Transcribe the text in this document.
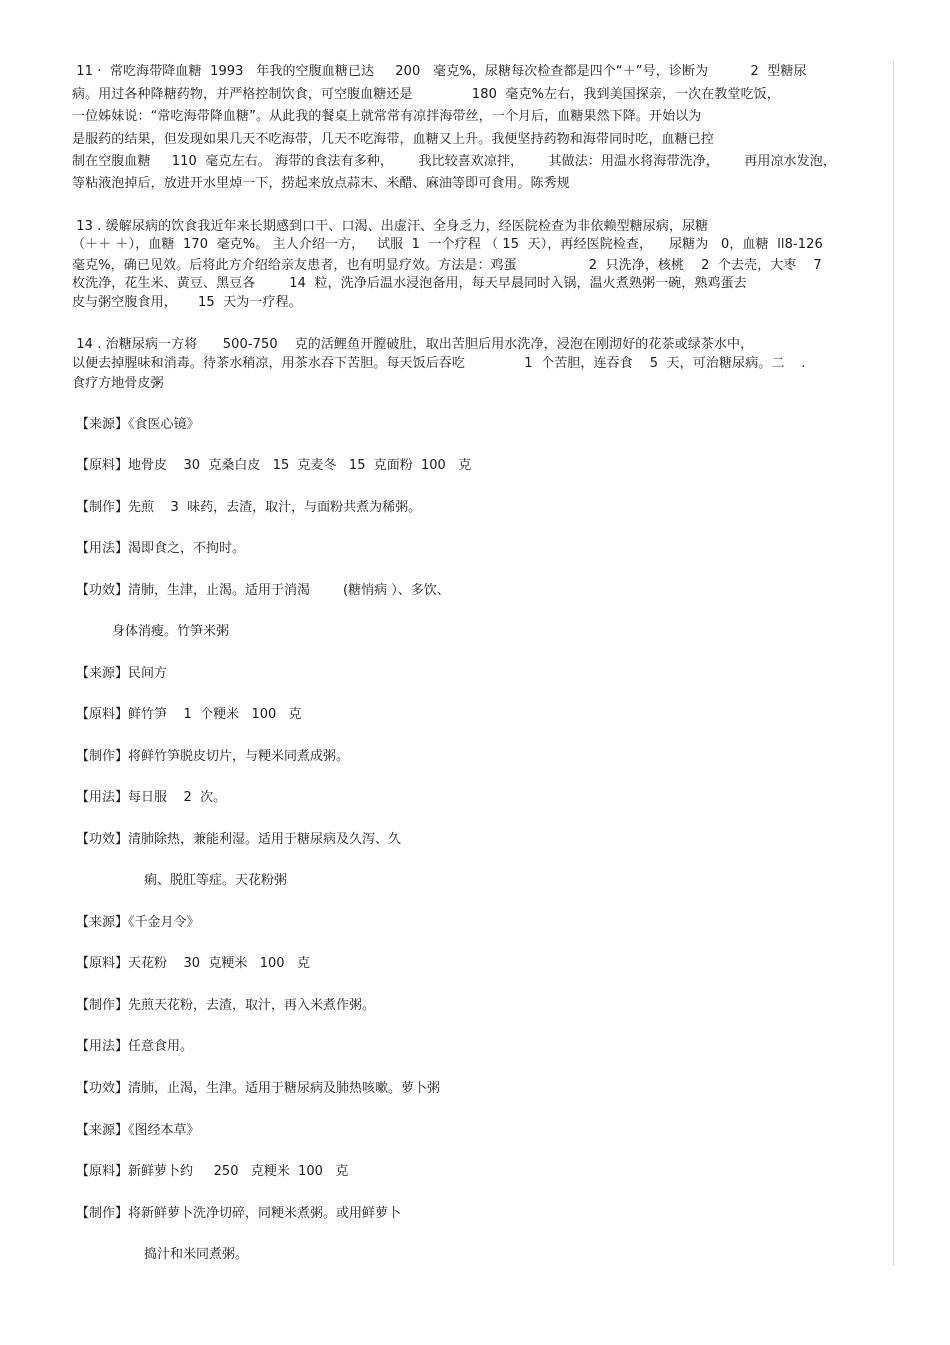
11 ·  常吃海带降血糖  1993   年我的空腹血糖已达     200   毫克%，尿糖每次检查都是四个“＋”号，诊断为          2  型糖尿
病。用过各种降糖药物，并严格控制饮食，可空腹血糖还是              180  毫克%左右，我到美国探亲，一次在教堂吃饭，
一位姊妹说：“常吃海带降血糖”。从此我的餐桌上就常常有凉拌海带丝，一个月后，血糖果然下降。开始以为
是服药的结果，但发现如果几天不吃海带，几天不吃海带，血糖又上升。我便坚持药物和海带同时吃，血糖已控
制在空腹血糖     110  毫克左右。 海带的食法有多种，      我比较喜欢凉拌，      其做法：用温水将海带洗净，      再用凉水发泡，
等粘液泡掉后，放进开水里焯一下，捞起来放点蒜末、米醋、麻油等即可食用。陈秀规
13 . 缓解尿病的饮食我近年来长期感到口干、口渴、出虚汗、全身乏力，经医院检查为非依赖型糖尿病，尿糖
（＋＋ ＋），血糖  170  毫克%。 主人介绍一方，   试服  1  一个疗程 （ 15  天），再经医院检查，    尿糖为   0，血糖  ll8-126
毫克%，确已见效。后将此方介绍给亲友患者，也有明显疗效。方法是：鸡蛋                 2  只洗净，核桃    2  个去壳，大枣    7
枚洗净，花生米、黄豆、黑豆各        14  粒，洗净后温水浸泡备用，每天早晨同时入锅，温火煮熟粥一碗，熟鸡蛋去
皮与粥空腹食用，     15  天为一疗程。
14 . 治糖尿病一方将      500-750    克的活鲤鱼开膛破肚，取出苦胆后用水洗净，浸泡在刚沏好的花茶或绿茶水中，
以便去掉腥味和消毒。待茶水稍凉，用茶水吞下苦胆。每天饭后吞吃              1  个苦胆，连吞食    5  天，可治糖尿病。二    .
食疗方地骨皮粥
【来源】《食医心镜》
【原料】地骨皮    30  克桑白皮   15  克麦冬   15  克面粉  100   克
【制作】先煎    3  味药，去渣，取汁，与面粉共煮为稀粥。
【用法】渴即食之，不拘时。
【功效】清肺，生津，止渴。适用于消渴        (糖悄病 ）、多饮、
身体消瘦。竹笋米粥
【来源】民间方
【原料】鲜竹笋    1  个粳米   100   克
【制作】将鲜竹笋脱皮切片，与粳米同煮成粥。
【用法】每日服    2  次。
【功效】清肺除热，兼能利湿。适用于糖尿病及久泻、久
痢、脱肛等症。天花粉粥
【来源】《千金月令》
【原料】天花粉    30  克粳米   100   克
【制作】先煎天花粉，去渣，取汁，再入米煮作粥。
【用法】任意食用。
【功效】清肺，止渴，生津。适用于糖尿病及肺热咳嗽。萝卜粥
【来源】《图经本草》
【原料】新鲜萝卜约     250   克粳米  100   克
【制作】将新鲜萝卜洗净切碎，同粳米煮粥。或用鲜萝卜
捣汁和米同煮粥。
